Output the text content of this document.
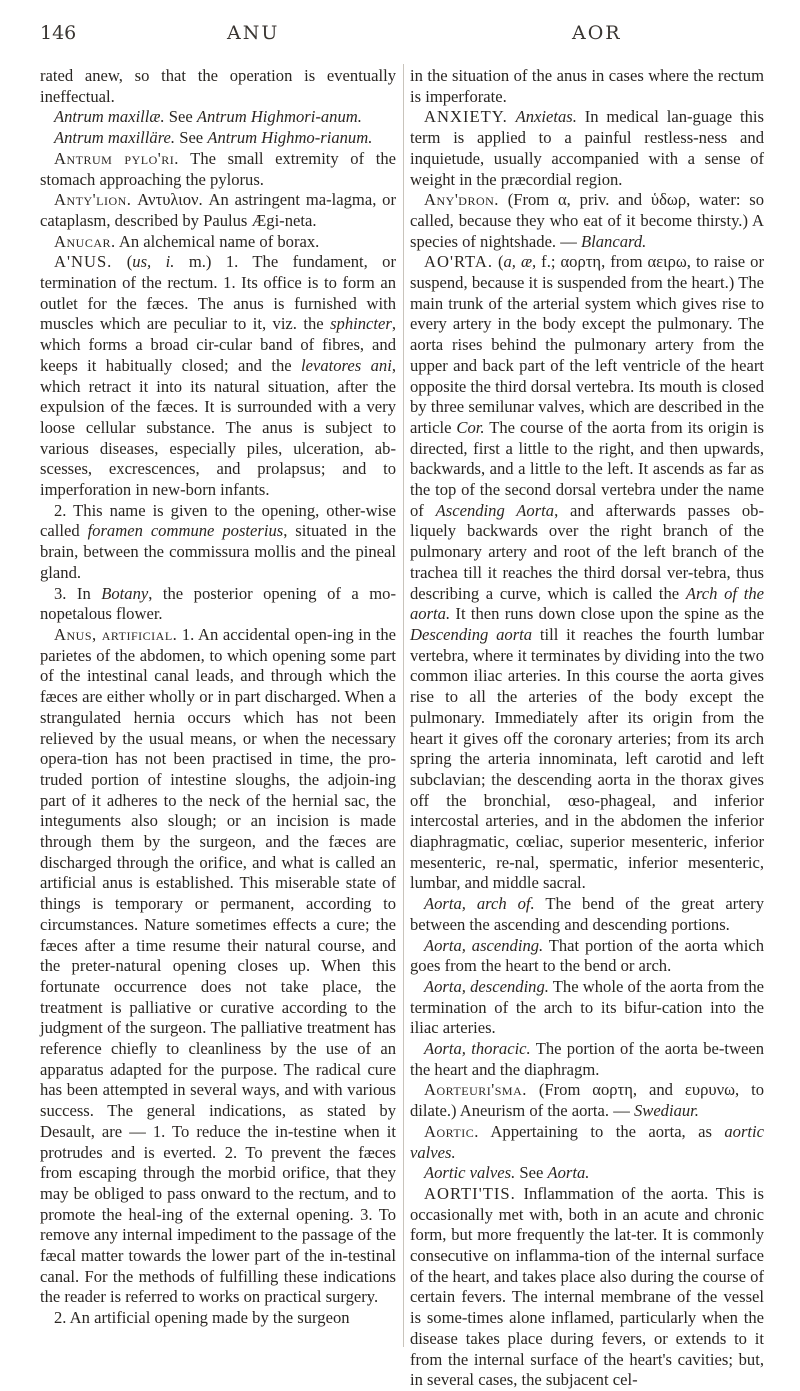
146	ANU	AOR

rated anew, so that the operation is eventually ineffectual.

Antrum maxillæ. See Antrum Highmori-anum.

Antrum maxilläre. See Antrum Highmo-rianum.

Antrum pylo'ri. The small extremity of the stomach approaching the pylorus.

Anty'lion. Αντυλιον. An astringent ma-lagma, or cataplasm, described by Paulus Ægi-neta.

Anucar. An alchemical name of borax.

A'NUS. (us, i. m.) 1. The fundament, or termination of the rectum. 1. Its office is to form an outlet for the fæces. The anus is furnished with muscles which are peculiar to it, viz. the sphincter, which forms a broad cir-cular band of fibres, and keeps it habitually closed; and the levatores ani, which retract it into its natural situation, after the expulsion of the fæces. It is surrounded with a very loose cellular substance. The anus is subject to various diseases, especially piles, ulceration, ab-scesses, excrescences, and prolapsus; and to imperforation in new-born infants.

2. This name is given to the opening, other-wise called foramen commune posterius, situated in the brain, between the commissura mollis and the pineal gland.

3. In Botany, the posterior opening of a mo-nopetalous flower.

Anus, artificial. 1. An accidental open-ing in the parietes of the abdomen, to which opening some part of the intestinal canal leads, and through which the fæces are either wholly or in part discharged. When a strangulated hernia occurs which has not been relieved by the usual means, or when the necessary opera-tion has not been practised in time, the pro-truded portion of intestine sloughs, the adjoin-ing part of it adheres to the neck of the hernial sac, the integuments also slough; or an incision is made through them by the surgeon, and the fæces are discharged through the orifice, and what is called an artificial anus is established. This miserable state of things is temporary or permanent, according to circumstances. Nature sometimes effects a cure; the fæces after a time resume their natural course, and the preter-natural opening closes up. When this fortunate occurrence does not take place, the treatment is palliative or curative according to the judgment of the surgeon. The palliative treatment has reference chiefly to cleanliness by the use of an apparatus adapted for the purpose. The radical cure has been attempted in several ways, and with various success. The general indications, as stated by Desault, are — 1. To reduce the in-testine when it protrudes and is everted. 2. To prevent the fæces from escaping through the morbid orifice, that they may be obliged to pass onward to the rectum, and to promote the heal-ing of the external opening. 3. To remove any internal impediment to the passage of the fæcal matter towards the lower part of the in-testinal canal. For the methods of fulfilling these indications the reader is referred to works on practical surgery.

2. An artificial opening made by the surgeon

in the situation of the anus in cases where the rectum is imperforate.

ANXIETY. Anxietas. In medical lan-guage this term is applied to a painful restless-ness and inquietude, usually accompanied with a sense of weight in the præcordial region.

Any'dron. (From α, priv. and ὑδωρ, water: so called, because they who eat of it become thirsty.) A species of nightshade. — Blancard.

AO'RTA. (a, æ, f.; αορτη, from αειρω, to raise or suspend, because it is suspended from the heart.) The main trunk of the arterial system which gives rise to every artery in the body except the pulmonary. The aorta rises behind the pulmonary artery from the upper and back part of the left ventricle of the heart opposite the third dorsal vertebra. Its mouth is closed by three semilunar valves, which are described in the article Cor. The course of the aorta from its origin is directed, first a little to the right, and then upwards, backwards, and a little to the left. It ascends as far as the top of the second dorsal vertebra under the name of Ascending Aorta, and afterwards passes ob-liquely backwards over the right branch of the pulmonary artery and root of the left branch of the trachea till it reaches the third dorsal ver-tebra, thus describing a curve, which is called the Arch of the aorta. It then runs down close upon the spine as the Descending aorta till it reaches the fourth lumbar vertebra, where it terminates by dividing into the two common iliac arteries. In this course the aorta gives rise to all the arteries of the body except the pulmonary. Immediately after its origin from the heart it gives off the coronary arteries; from its arch spring the arteria innominata, left carotid and left subclavian; the descending aorta in the thorax gives off the bronchial, œso-phageal, and inferior intercostal arteries, and in the abdomen the inferior diaphragmatic, cœliac, superior mesenteric, inferior mesenteric, re-nal, spermatic, inferior mesenteric, lumbar, and middle sacral.

Aorta, arch of. The bend of the great artery between the ascending and descending portions.

Aorta, ascending. That portion of the aorta which goes from the heart to the bend or arch.

Aorta, descending. The whole of the aorta from the termination of the arch to its bifur-cation into the iliac arteries.

Aorta, thoracic. The portion of the aorta be-tween the heart and the diaphragm.

Aorteuri'sma. (From αορτη, and ευρυνω, to dilate.) Aneurism of the aorta. — Swediaur.

Aortic. Appertaining to the aorta, as aortic valves.

Aortic valves. See Aorta.

AORTI'TIS. Inflammation of the aorta. This is occasionally met with, both in an acute and chronic form, but more frequently the lat-ter. It is commonly consecutive on inflamma-tion of the internal surface of the heart, and takes place also during the course of certain fevers. The internal membrane of the vessel is some-times alone inflamed, particularly when the disease takes place during fevers, or extends to it from the internal surface of the heart's cavities; but, in several cases, the subjacent cel-
